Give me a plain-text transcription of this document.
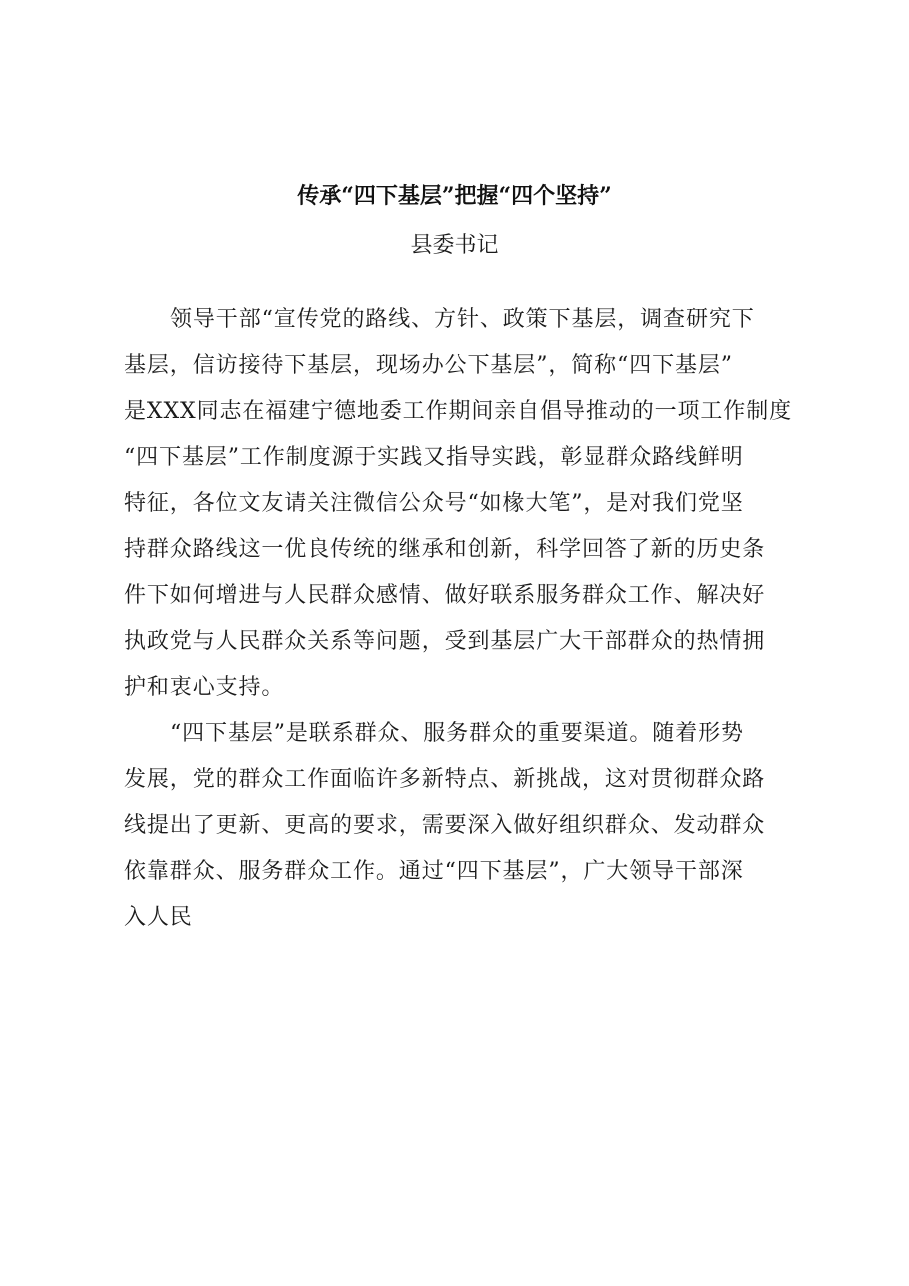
传承“四下基层”把握“四个坚持”
县委书记
领导干部“宣传党的路线、方针、政策下基层，调查研究下
基层，信访接待下基层，现场办公下基层”，简称“四下基层”
是XXX同志在福建宁德地委工作期间亲自倡导推动的一项工作制度
“四下基层”工作制度源于实践又指导实践，彰显群众路线鲜明
特征，各位文友请关注微信公众号“如椽大笔”，是对我们党坚
持群众路线这一优良传统的继承和创新，科学回答了新的历史条
件下如何增进与人民群众感情、做好联系服务群众工作、解决好
执政党与人民群众关系等问题，受到基层广大干部群众的热情拥
护和衷心支持。
“四下基层”是联系群众、服务群众的重要渠道。随着形势
发展，党的群众工作面临许多新特点、新挑战，这对贯彻群众路
线提出了更新、更高的要求，需要深入做好组织群众、发动群众
依靠群众、服务群众工作。通过“四下基层”，广大领导干部深
入人民
